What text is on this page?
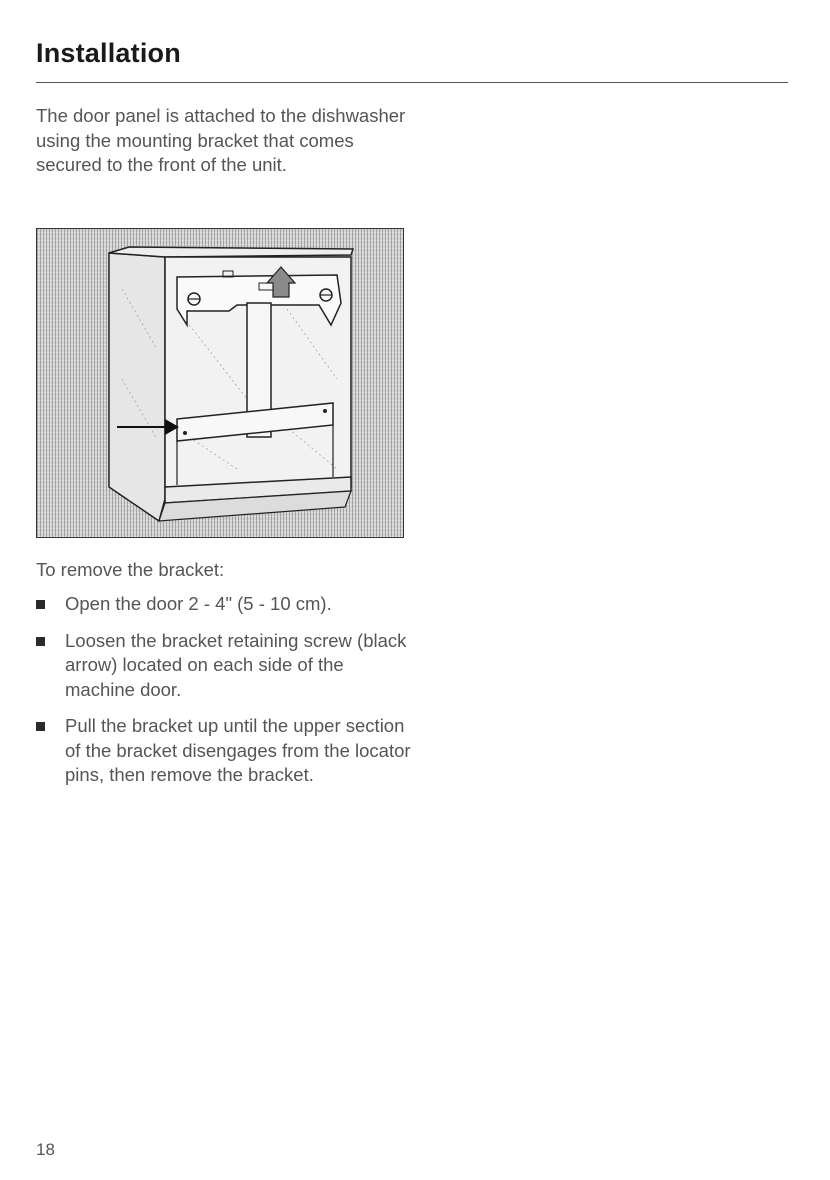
Installation
The door panel is attached to the dishwasher using the mounting bracket that comes secured to the front of the unit.
To remove the bracket:
Open the door 2 - 4" (5 - 10 cm).
Loosen the bracket retaining screw (black arrow) located on each side of the machine door.
Pull the bracket up until the upper section of the bracket disengages from the locator pins, then remove the bracket.
18
